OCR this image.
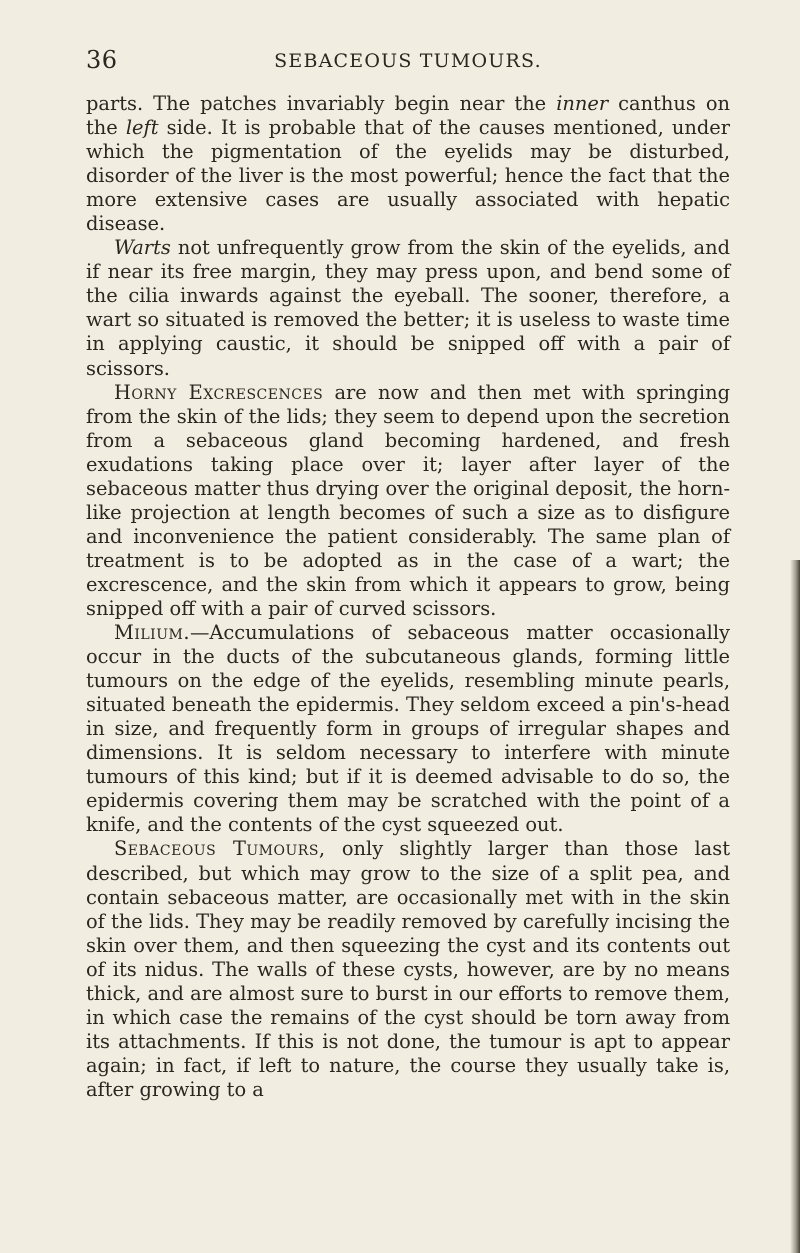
36	SEBACEOUS TUMOURS.

parts. The patches invariably begin near the inner canthus on the left side. It is probable that of the causes mentioned, under which the pigmentation of the eyelids may be disturbed, disorder of the liver is the most powerful; hence the fact that the more extensive cases are usually associated with hepatic disease.

Warts not unfrequently grow from the skin of the eyelids, and if near its free margin, they may press upon, and bend some of the cilia inwards against the eyeball. The sooner, therefore, a wart so situated is removed the better; it is useless to waste time in applying caustic, it should be snipped off with a pair of scissors.

Horny Excrescences are now and then met with springing from the skin of the lids; they seem to depend upon the secretion from a sebaceous gland becoming hardened, and fresh exudations taking place over it; layer after layer of the sebaceous matter thus drying over the original deposit, the horn-like projection at length becomes of such a size as to disfigure and inconvenience the patient considerably. The same plan of treatment is to be adopted as in the case of a wart; the excrescence, and the skin from which it appears to grow, being snipped off with a pair of curved scissors.

Milium.—Accumulations of sebaceous matter occasionally occur in the ducts of the subcutaneous glands, forming little tumours on the edge of the eyelids, resembling minute pearls, situated beneath the epidermis. They seldom exceed a pin's-head in size, and frequently form in groups of irregular shapes and dimensions. It is seldom necessary to interfere with minute tumours of this kind; but if it is deemed advisable to do so, the epidermis covering them may be scratched with the point of a knife, and the contents of the cyst squeezed out.

Sebaceous Tumours, only slightly larger than those last described, but which may grow to the size of a split pea, and contain sebaceous matter, are occasionally met with in the skin of the lids. They may be readily removed by carefully incising the skin over them, and then squeezing the cyst and its contents out of its nidus. The walls of these cysts, however, are by no means thick, and are almost sure to burst in our efforts to remove them, in which case the remains of the cyst should be torn away from its attachments. If this is not done, the tumour is apt to appear again; in fact, if left to nature, the course they usually take is, after growing to a
